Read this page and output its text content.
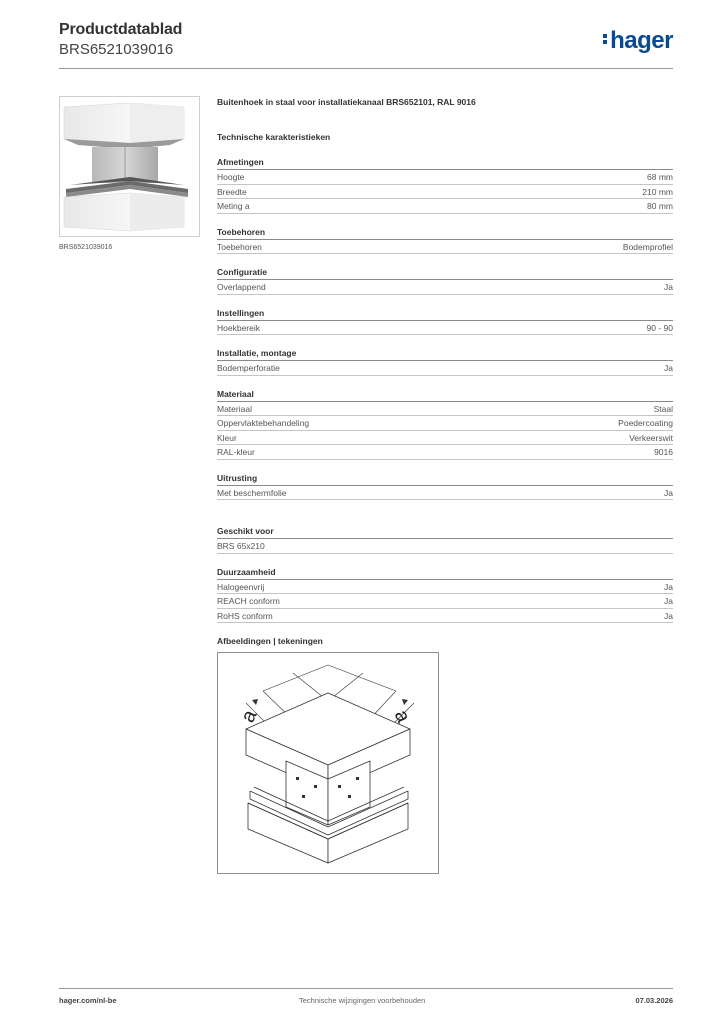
Productdatablad
BRS6521039016	hager
BRS6521039016
Buitenhoek in staal voor installatiekanaal BRS652101, RAL 9016
Technische karakteristieken
Afmetingen
Hoogte	68 mm
Breedte	210 mm
Meting a	80 mm
Toebehoren
Toebehoren	Bodemprofiel
Configuratie
Overlappend	Ja
Instellingen
Hoekbereik	90 - 90
Installatie, montage
Bodemperforatie	Ja
Materiaal
Materiaal	Staal
Oppervlaktebehandeling	Poedercoating
Kleur	Verkeerswit
RAL-kleur	9016
Uitrusting
Met beschermfolie	Ja
Geschikt voor
BRS 65x210
Duurzaamheid
Halogeenvrij	Ja
REACH conform	Ja
RoHS conform	Ja
Afbeeldingen | tekeningen
a	a
hager.com/nl-be	Technische wijzigingen voorbehouden	07.03.2026
